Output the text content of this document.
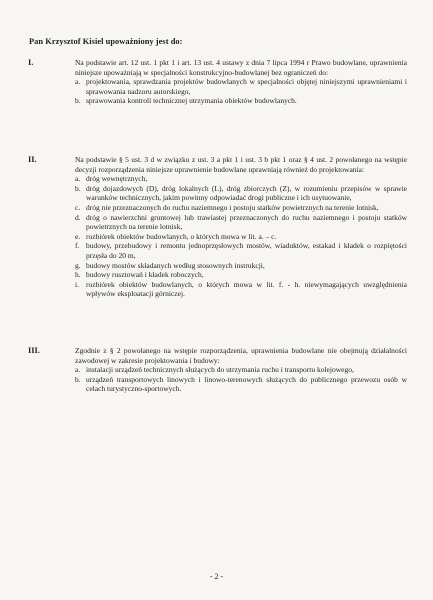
Pan Krzysztof Kisiel upoważniony jest do:
I.	Na podstawie art. 12 ust. 1 pkt 1 i art. 13 ust. 4 ustawy z dnia 7 lipca 1994 r Prawo budowlane, uprawnienia niniejsze upoważniają w specjalności konstrukcyjno-budowlanej bez ograniczeń do:

a. projektowania, sprawdzania projektów budowlanych w specjalności objętej niniejszymi uprawnieniami i sprawowania nadzoru autorskiego,
b. sprawowania kontroli technicznej utrzymania obiektów budowlanych.
II.	Na podstawie § 5 ust. 3 d w związku z ust. 3 a pkt 1 i ust. 3 b pkt 1 oraz § 4 ust. 2 powołanego na wstępie decyzji rozporządzenia niniejsze uprawnienie budowlane uprawniają również do projektowania:

a. dróg wewnętrznych,
b. dróg dojazdowych (D), dróg lokalnych (L), dróg zbiorczych (Z), w rozumieniu przepisów w sprawie warunków technicznych, jakim powinny odpowiadać drogi publiczne i ich usytuowanie,
c. dróg nie przeznaczonych do ruchu naziemnego i postoju statków powietrznych na terenie lotnisk,
d. dróg o nawierzchni gruntowej lub trawiastej przeznaczonych do ruchu naziemnego i postoju statków powietrznych na terenie lotnisk,
e. rozbiórek obiektów budowlanych, o których mowa w lit. a. – c.
f. budowy, przebudowy i remontu jednoprzęsłowych mostów, wiaduktów, estakad i kładek o rozpiętości przęsła do 20 m,
g. budowy mostów składanych według stosownych instrukcji,
h. budowy rusztowań i kładek roboczych,
i. rozbiórek obiektów budowlanych, o których mowa w lit. f. - h. niewymagających uwzględnienia wpływów eksploatacji górniczej.
III.	Zgodnie z § 2 powołanego na wstępie rozporządzenia, uprawnienia budowlane nie obejmują działalności zawodowej w zakresie projektowania i budowy:

a. instalacji urządzeń technicznych służących do utrzymania ruchu i transportu kolejowego,
b. urządzeń transportowych linowych i linowo-terenowych służących do publicznego przewozu osób w celach turystyczno-sportowych.
- 2 -
